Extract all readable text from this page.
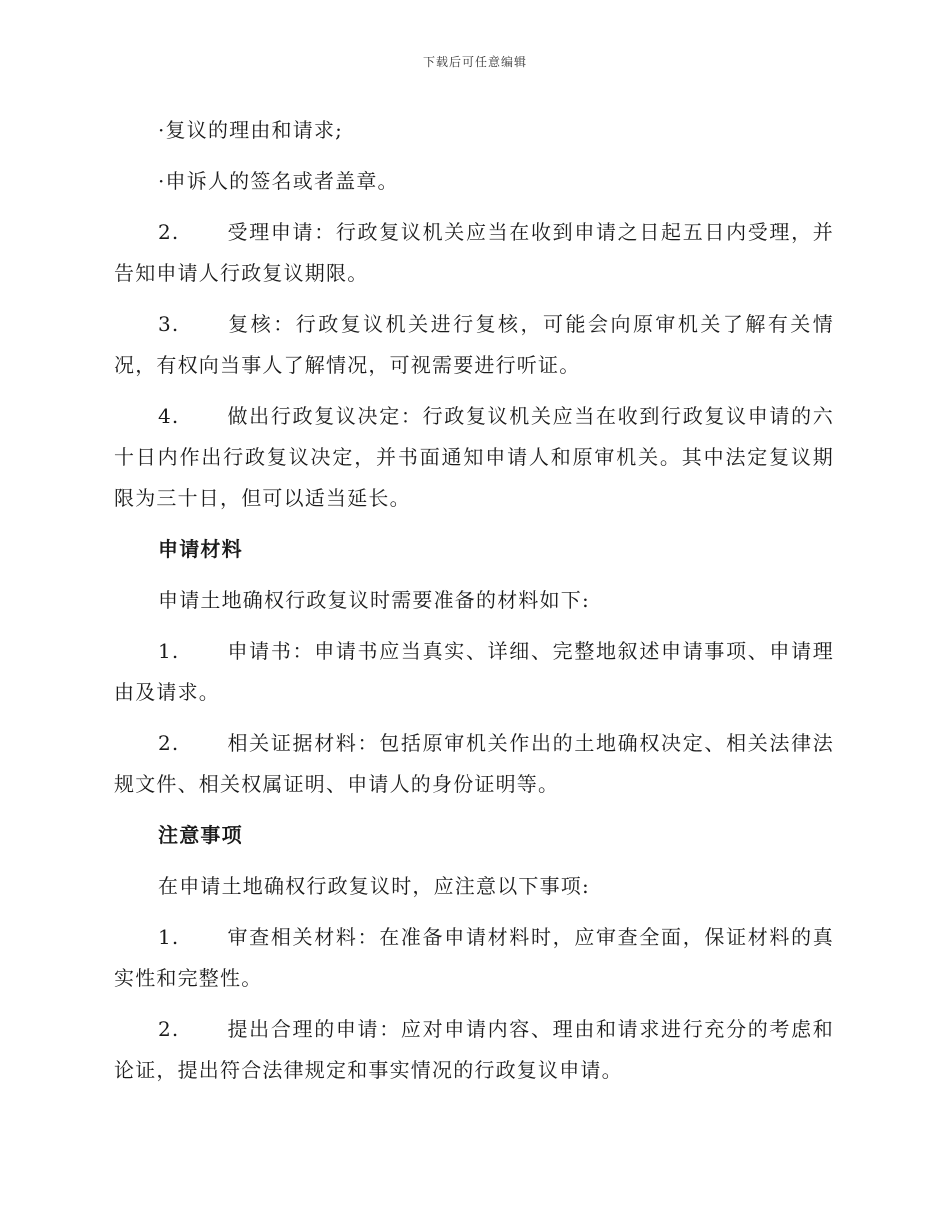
下载后可任意编辑

·复议的理由和请求;

·申诉人的签名或者盖章。

2. 受理申请：行政复议机关应当在收到申请之日起五日内受理，并告知申请人行政复议期限。

3. 复核：行政复议机关进行复核，可能会向原审机关了解有关情况，有权向当事人了解情况，可视需要进行听证。

4. 做出行政复议决定：行政复议机关应当在收到行政复议申请的六十日内作出行政复议决定，并书面通知申请人和原审机关。其中法定复议期限为三十日，但可以适当延长。

申请材料

申请土地确权行政复议时需要准备的材料如下:

1. 申请书：申请书应当真实、详细、完整地叙述申请事项、申请理由及请求。

2. 相关证据材料：包括原审机关作出的土地确权决定、相关法律法规文件、相关权属证明、申请人的身份证明等。

注意事项

在申请土地确权行政复议时，应注意以下事项:

1. 审查相关材料：在准备申请材料时，应审查全面，保证材料的真实性和完整性。

2. 提出合理的申请：应对申请内容、理由和请求进行充分的考虑和论证，提出符合法律规定和事实情况的行政复议申请。
